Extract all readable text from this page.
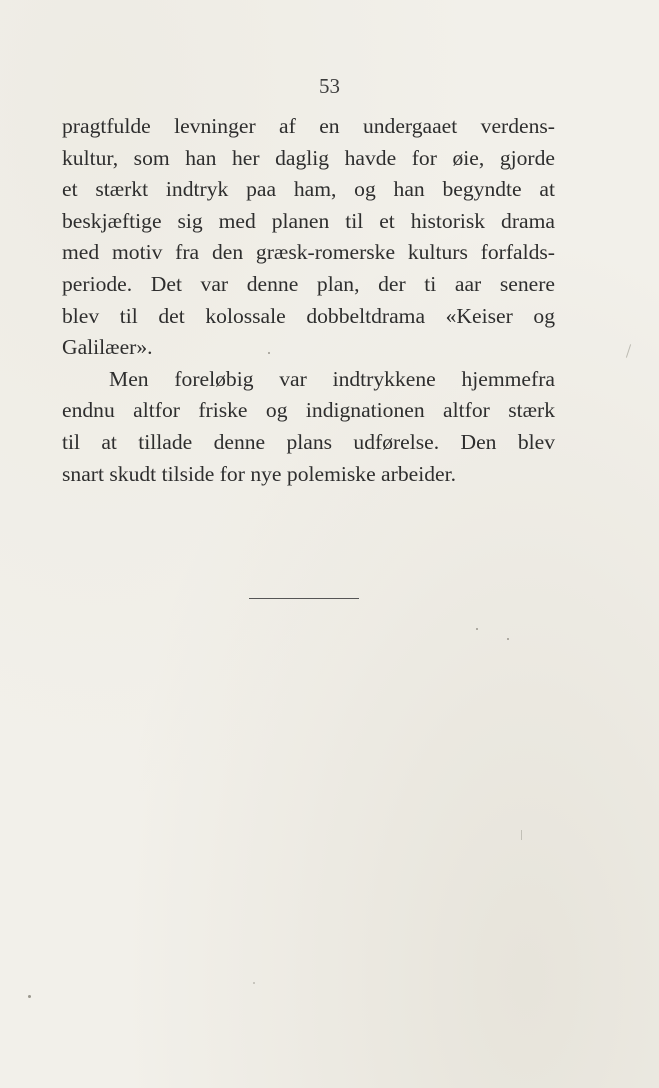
53
pragtfulde levninger af en undergaaet verdens-
kultur, som han her daglig havde for øie, gjorde
et stærkt indtryk paa ham, og han begyndte at
beskjæftige sig med planen til et historisk drama
med motiv fra den græsk-romerske kulturs forfalds-
periode. Det var denne plan, der ti aar senere
blev til det kolossale dobbeltdrama «Keiser og
Galilæer».
Men foreløbig var indtrykkene hjemmefra
endnu altfor friske og indignationen altfor stærk
til at tillade denne plans udførelse. Den blev
snart skudt tilside for nye polemiske arbeider.
